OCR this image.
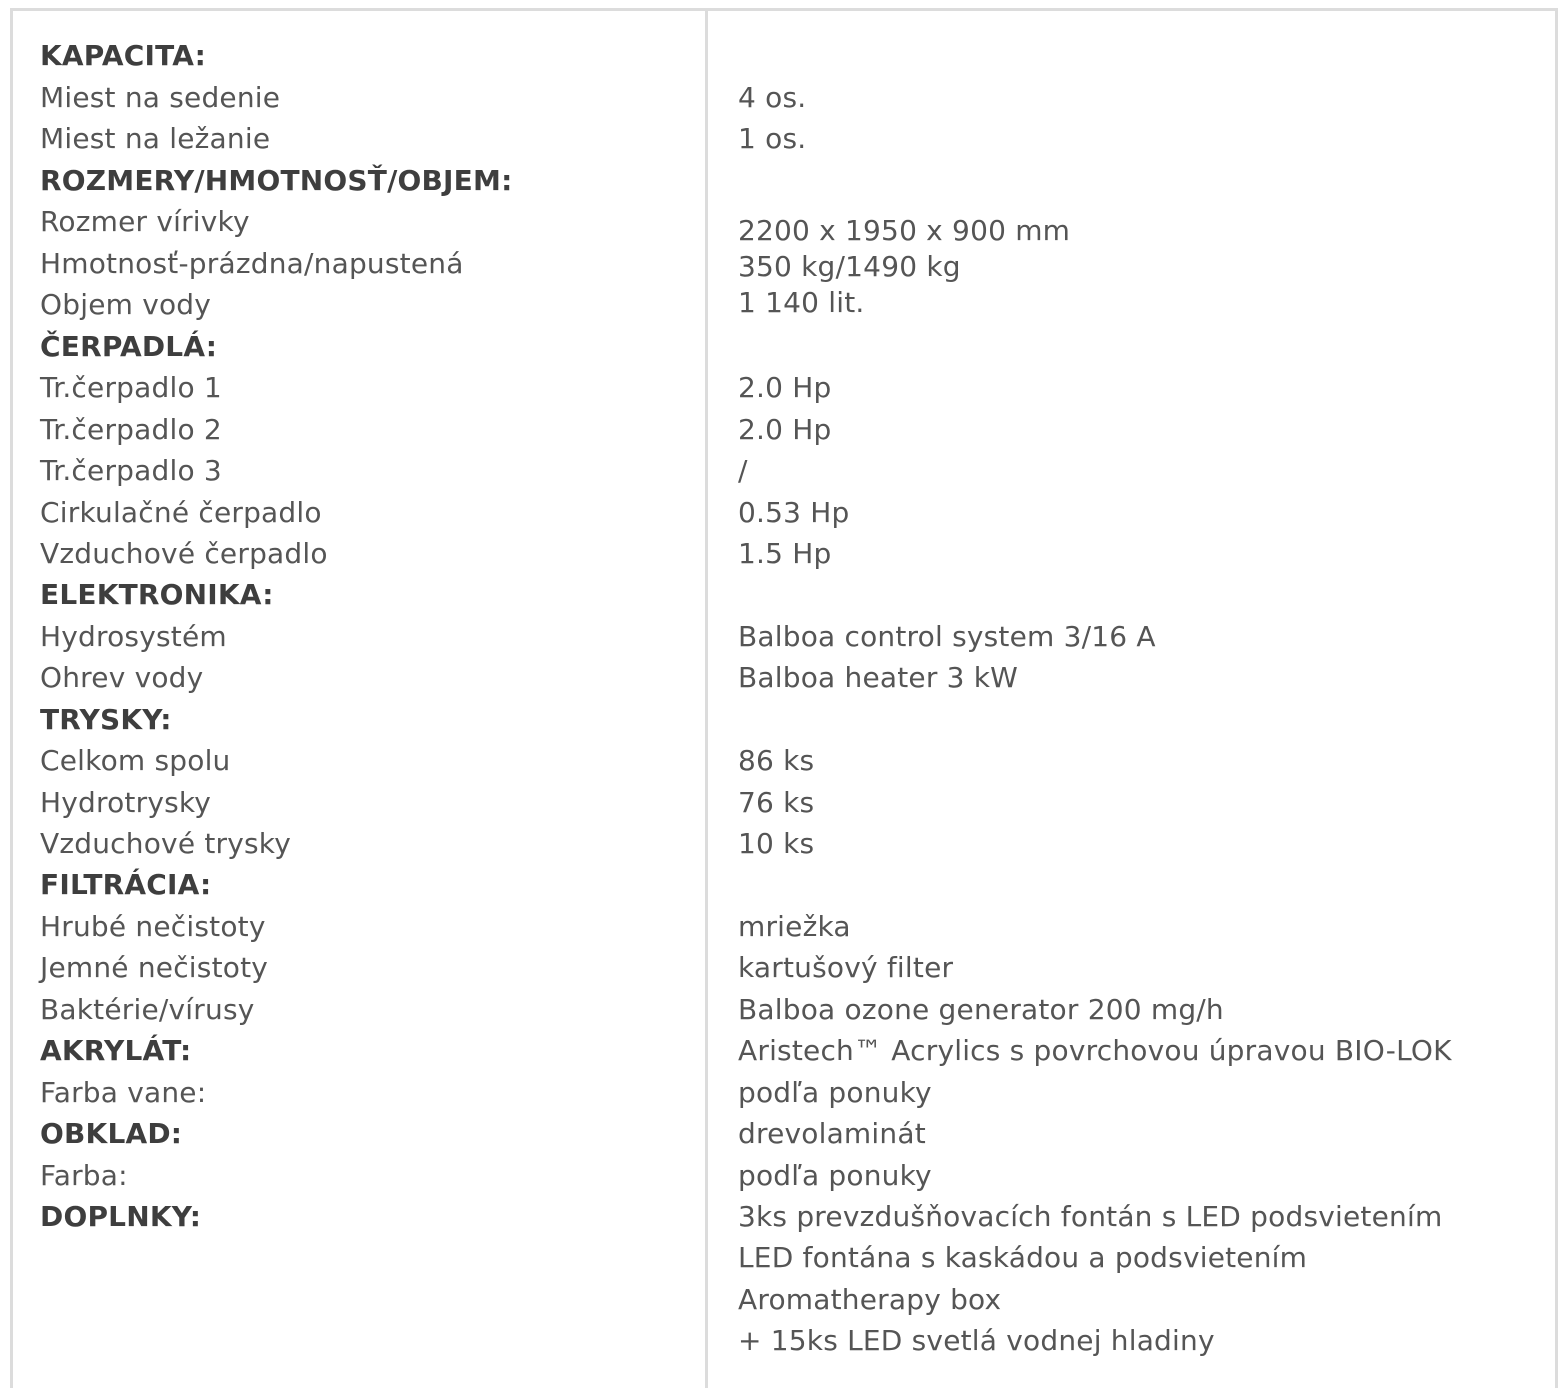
KAPACITA:
Miest na sedenie
Miest na ležanie
ROZMERY/HMOTNOSŤ/OBJEM:
Rozmer vírivky
Hmotnosť-prázdna/napustená
Objem vody
ČERPADLÁ:
Tr.čerpadlo 1
Tr.čerpadlo 2
Tr.čerpadlo 3
Cirkulačné čerpadlo
Vzduchové čerpadlo
ELEKTRONIKA:
Hydrosystém
Ohrev vody
TRYSKY:
Celkom spolu
Hydrotrysky
Vzduchové trysky
FILTRÁCIA:
Hrubé nečistoty
Jemné nečistoty
Baktérie/vírusy
AKRYLÁT:
Farba vane:
OBKLAD:
Farba:
DOPLNKY:
4 os.
1 os.
2200 x 1950 x 900 mm
350 kg/1490 kg
1 140 lit.
2.0 Hp
2.0 Hp
/
0.53 Hp
1.5 Hp
Balboa control system 3/16 A
Balboa heater 3 kW
86 ks
76 ks
10 ks
mriežka
kartušový filter
Balboa ozone generator 200 mg/h
Aristech™ Acrylics s povrchovou úpravou BIO-LOK
podľa ponuky
drevolaminát
podľa ponuky
3ks prevzdušňovacích fontán s LED podsvietením
LED fontána s kaskádou a podsvietením
Aromatherapy box
+ 15ks LED svetlá vodnej hladiny
